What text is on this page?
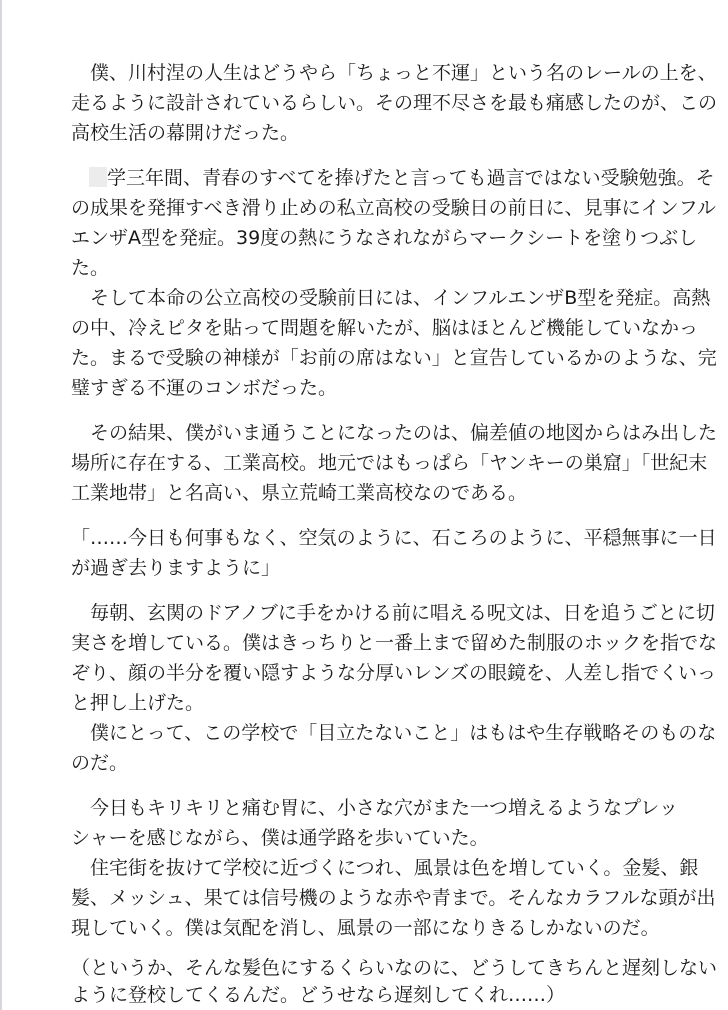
　僕、川村涅の人生はどうやら「ちょっと不運」という名のレールの上を、
走るように設計されているらしい。その理不尽さを最も痛感したのが、この
高校生活の幕開けだった。
学三年間、青春のすべてを捧げたと言っても過言ではない受験勉強。そ
の成果を発揮すべき滑り止めの私立高校の受験日の前日に、見事にインフル
エンザA型を発症。39度の熱にうなされながらマークシートを塗りつぶし
た。
　そして本命の公立高校の受験前日には、インフルエンザB型を発症。高熱
の中、冷えピタを貼って問題を解いたが、脳はほとんど機能していなかっ
た。まるで受験の神様が「お前の席はない」と宣告しているかのような、完
璧すぎる不運のコンボだった。
　その結果、僕がいま通うことになったのは、偏差値の地図からはみ出した
場所に存在する、工業高校。地元ではもっぱら「ヤンキーの巣窟」「世紀末
工業地帯」と名高い、県立荒崎工業高校なのである。
「……今日も何事もなく、空気のように、石ころのように、平穏無事に一日
が過ぎ去りますように」
　毎朝、玄関のドアノブに手をかける前に唱える呪文は、日を追うごとに切
実さを増している。僕はきっちりと一番上まで留めた制服のホックを指でな
ぞり、顔の半分を覆い隠すような分厚いレンズの眼鏡を、人差し指でくいっ
と押し上げた。
　僕にとって、この学校で「目立たないこと」はもはや生存戦略そのものな
のだ。
　今日もキリキリと痛む胃に、小さな穴がまた一つ増えるようなプレッ
シャーを感じながら、僕は通学路を歩いていた。
　住宅街を抜けて学校に近づくにつれ、風景は色を増していく。金髪、銀
髪、メッシュ、果ては信号機のような赤や青まで。そんなカラフルな頭が出
現していく。僕は気配を消し、風景の一部になりきるしかないのだ。
（というか、そんな髪色にするくらいなのに、どうしてきちんと遅刻しない
ように登校してくるんだ。どうせなら遅刻してくれ……）
